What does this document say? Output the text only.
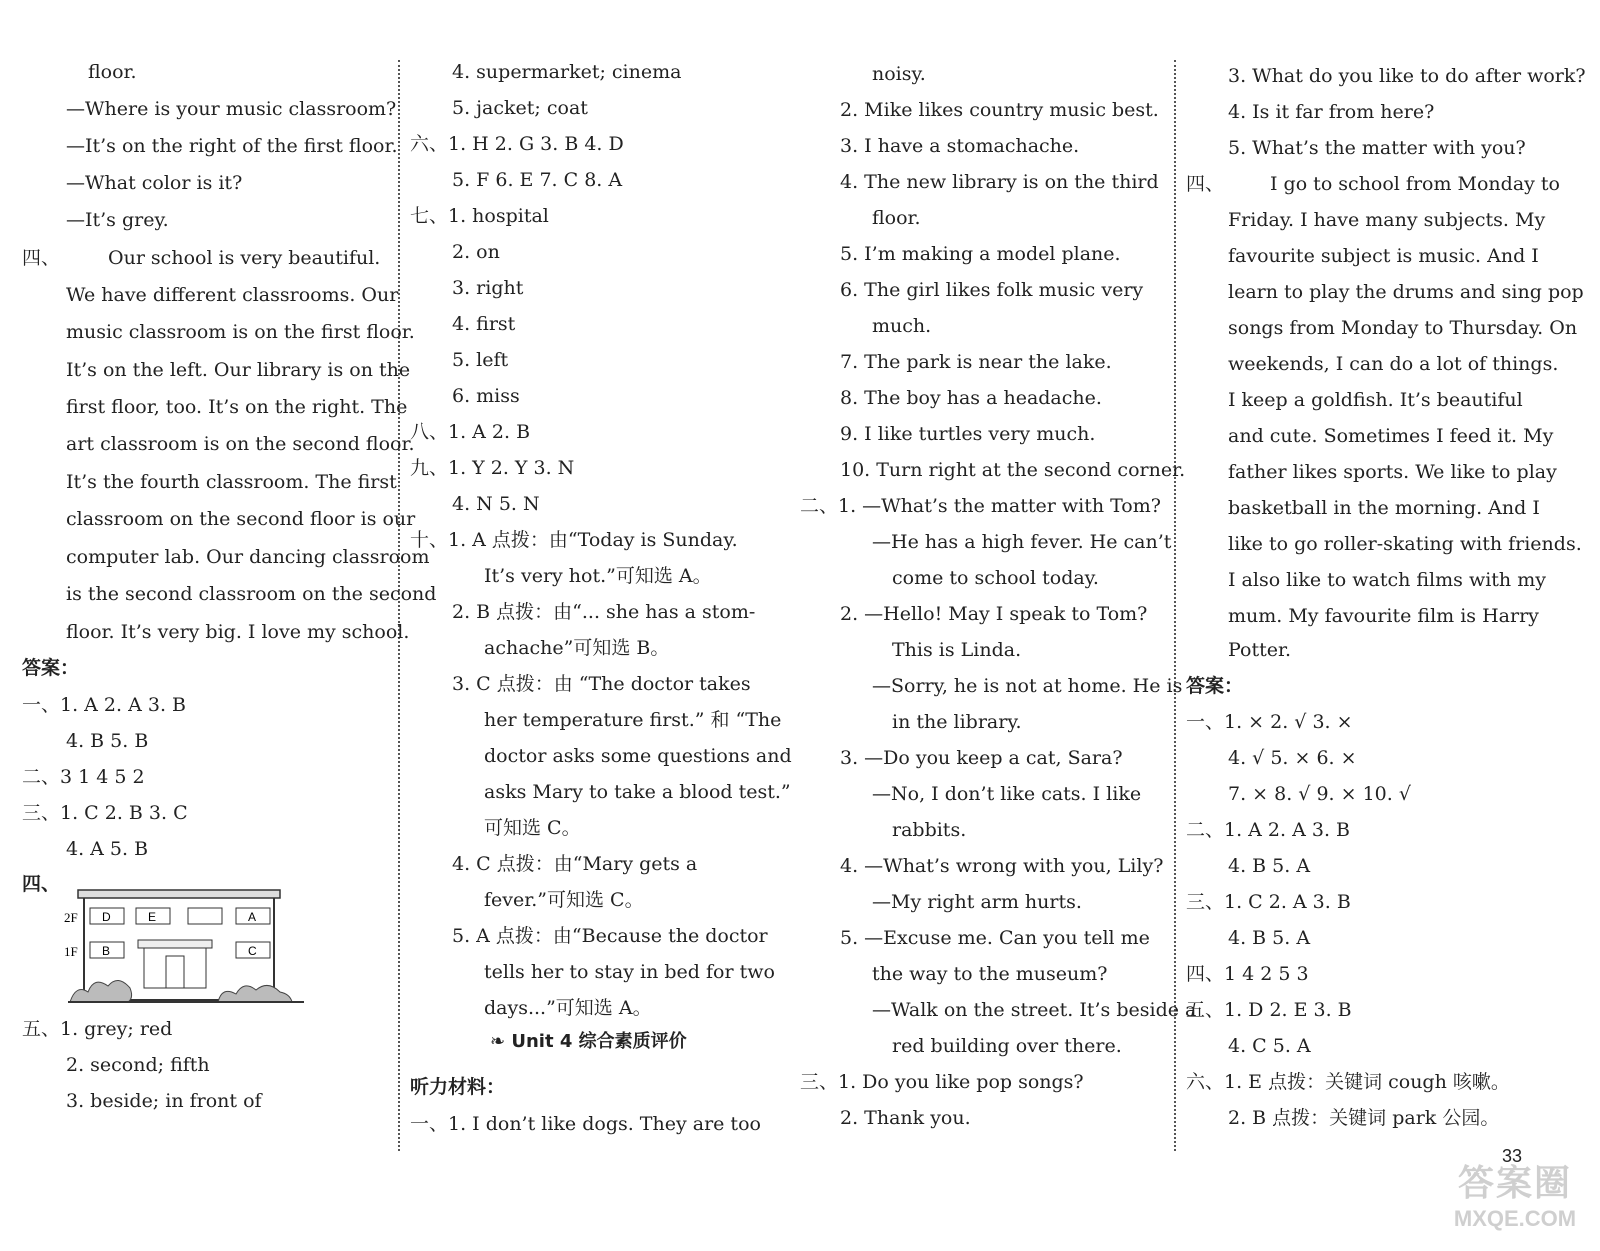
floor.
—Where is your music classroom?
—It’s on the right of the first floor.
—What color is it?
—It’s grey.
四、	Our school is very beautiful.
We have different classrooms. Our
music classroom is on the first floor.
It’s on the left. Our library is on the
first floor, too. It’s on the right. The
art classroom is on the second floor.
It’s the fourth classroom. The first
classroom on the second floor is our
computer lab. Our dancing classroom
is the second classroom on the second
floor. It’s very big. I love my school.
答案：
一、1. A 2. A 3. B
4. B 5. B
二、3 1 4 5 2
三、1. C 2. B 3. C
4. A 5. B
四、
五、1. grey; red
2. second; fifth
3. beside; in front of
4. supermarket; cinema
5. jacket; coat
六、1. H 2. G 3. B 4. D
5. F 6. E 7. C 8. A
七、1. hospital
2. on
3. right
4. first
5. left
6. miss
八、1. A 2. B
九、1. Y 2. Y 3. N
4. N 5. N
十、1. A 点拨：由“Today is Sunday.
It’s very hot.”可知选 A。
2. B 点拨：由“... she has a stom-
achache”可知选 B。
3. C 点拨：由 “The doctor takes
her temperature first.” 和 “The
doctor asks some questions and
asks Mary to take a blood test.”
可知选 C。
4. C 点拨：由“Mary gets a
fever.”可知选 C。
5. A 点拨：由“Because the doctor
tells her to stay in bed for two
days...”可知选 A。
❧ Unit 4 综合素质评价
听力材料：
一、1. I don’t like dogs. They are too
noisy.
2. Mike likes country music best.
3. I have a stomachache.
4. The new library is on the third
floor.
5. I’m making a model plane.
6. The girl likes folk music very
much.
7. The park is near the lake.
8. The boy has a headache.
9. I like turtles very much.
10. Turn right at the second corner.
二、1. —What’s the matter with Tom?
—He has a high fever. He can’t
come to school today.
2. —Hello! May I speak to Tom?
This is Linda.
—Sorry, he is not at home. He is
in the library.
3. —Do you keep a cat, Sara?
—No, I don’t like cats. I like
rabbits.
4. —What’s wrong with you, Lily?
—My right arm hurts.
5. —Excuse me. Can you tell me
the way to the museum?
—Walk on the street. It’s beside a
red building over there.
三、1. Do you like pop songs?
2. Thank you.
3. What do you like to do after work?
4. Is it far from here?
5. What’s the matter with you?
四、 I go to school from Monday to
Friday. I have many subjects. My
favourite subject is music. And I
learn to play the drums and sing pop
songs from Monday to Thursday. On
weekends, I can do a lot of things.
I keep a goldfish. It’s beautiful
and cute. Sometimes I feed it. My
father likes sports. We like to play
basketball in the morning. And I
like to go roller-skating with friends.
I also like to watch films with my
mum. My favourite film is Harry
Potter.
答案：
一、1. × 2. √ 3. ×
4. √ 5. × 6. ×
7. × 8. √ 9. × 10. √
二、1. A 2. A 3. B
4. B 5. A
三、1. C 2. A 3. B
4. B 5. A
四、1 4 2 5 3
五、1. D 2. E 3. B
4. C 5. A
六、1. E 点拨：关键词 cough 咳嗽。
2. B 点拨：关键词 park 公园。
2F
1F
D	E	A
B	C
33
答案圈
MXQE.COM
